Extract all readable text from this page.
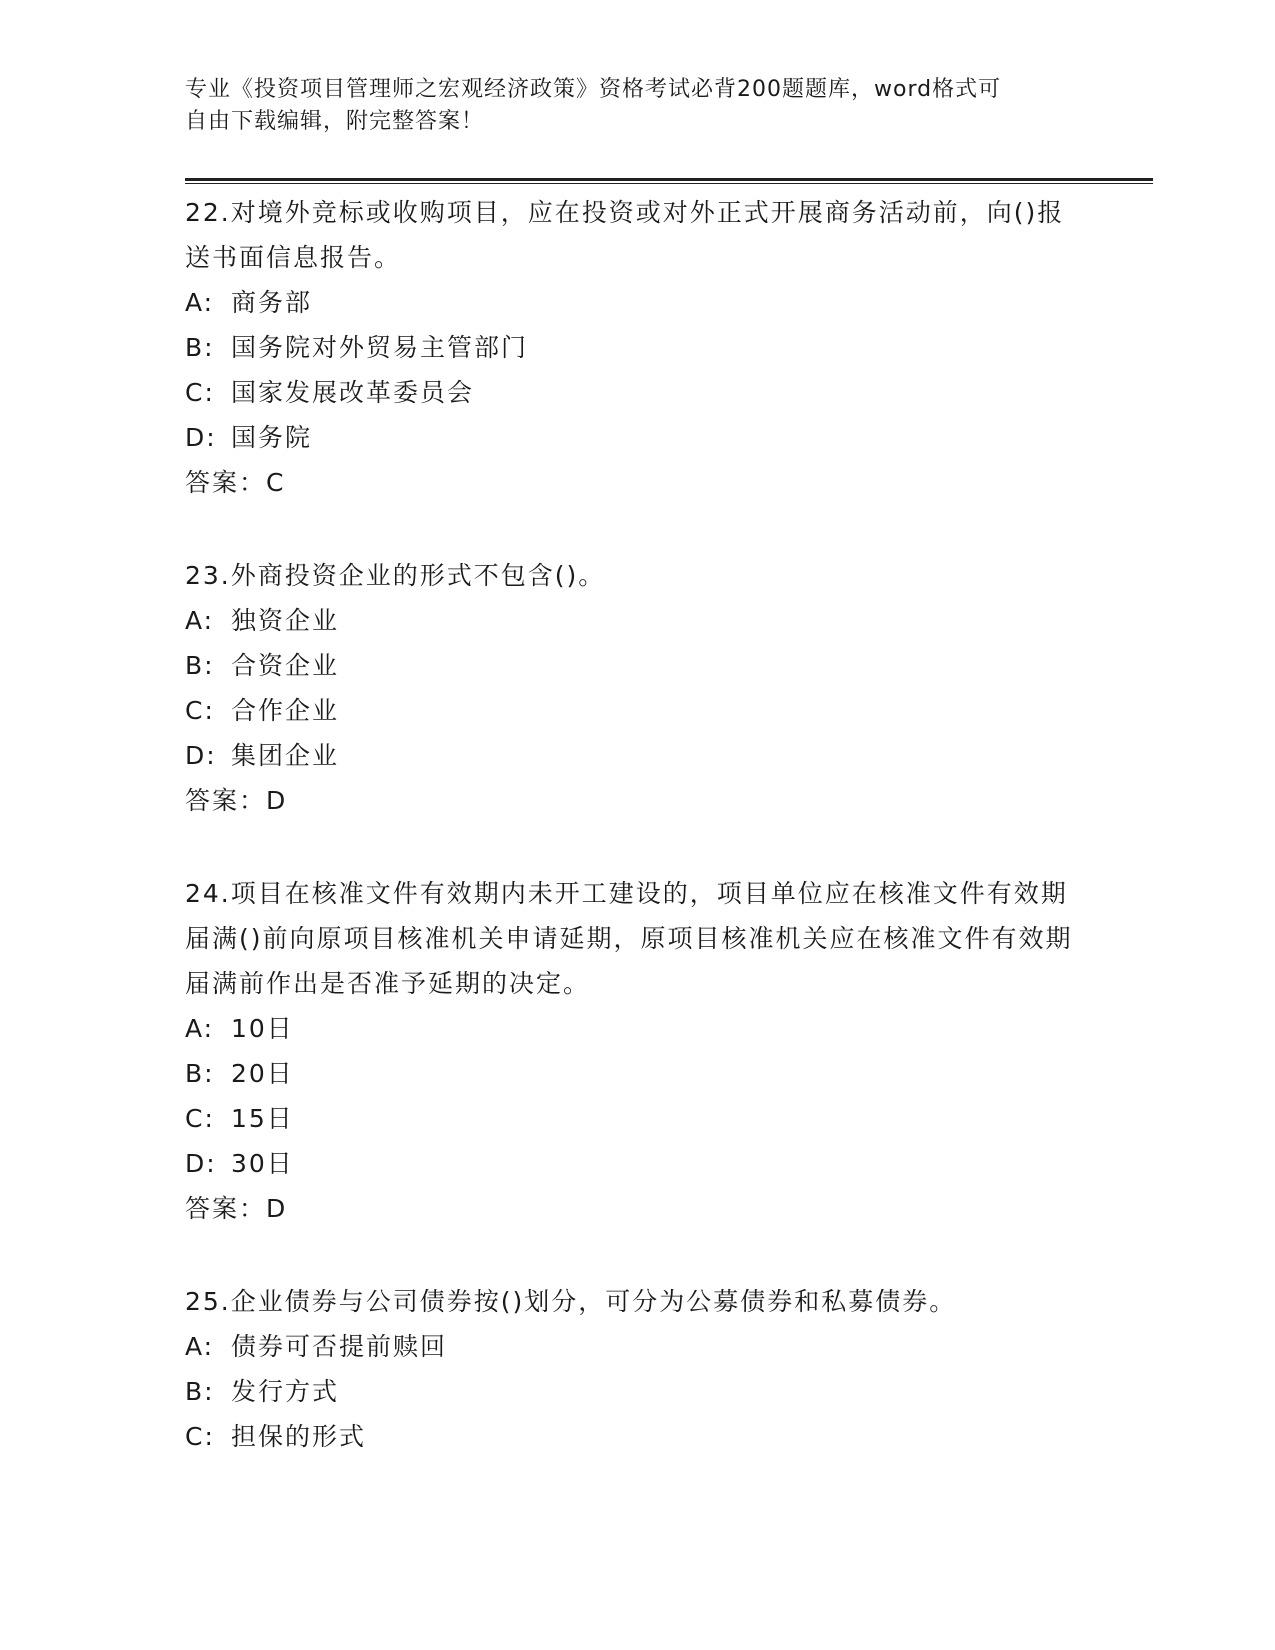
专业《投资项目管理师之宏观经济政策》资格考试必背200题题库，word格式可
自由下载编辑，附完整答案！

22.对境外竞标或收购项目，应在投资或对外正式开展商务活动前，向()报送书面信息报告。

A: 商务部

B: 国务院对外贸易主管部门

C: 国家发展改革委员会

D: 国务院

答案：C

23.外商投资企业的形式不包含()。

A: 独资企业

B: 合资企业

C: 合作企业

D: 集团企业

答案：D

24.项目在核准文件有效期内未开工建设的，项目单位应在核准文件有效期届满()前向原项目核准机关申请延期，原项目核准机关应在核准文件有效期届满前作出是否准予延期的决定。

A: 10日

B: 20日

C: 15日

D: 30日

答案：D

25.企业债券与公司债券按()划分，可分为公募债券和私募债券。

A: 债券可否提前赎回

B: 发行方式

C: 担保的形式
